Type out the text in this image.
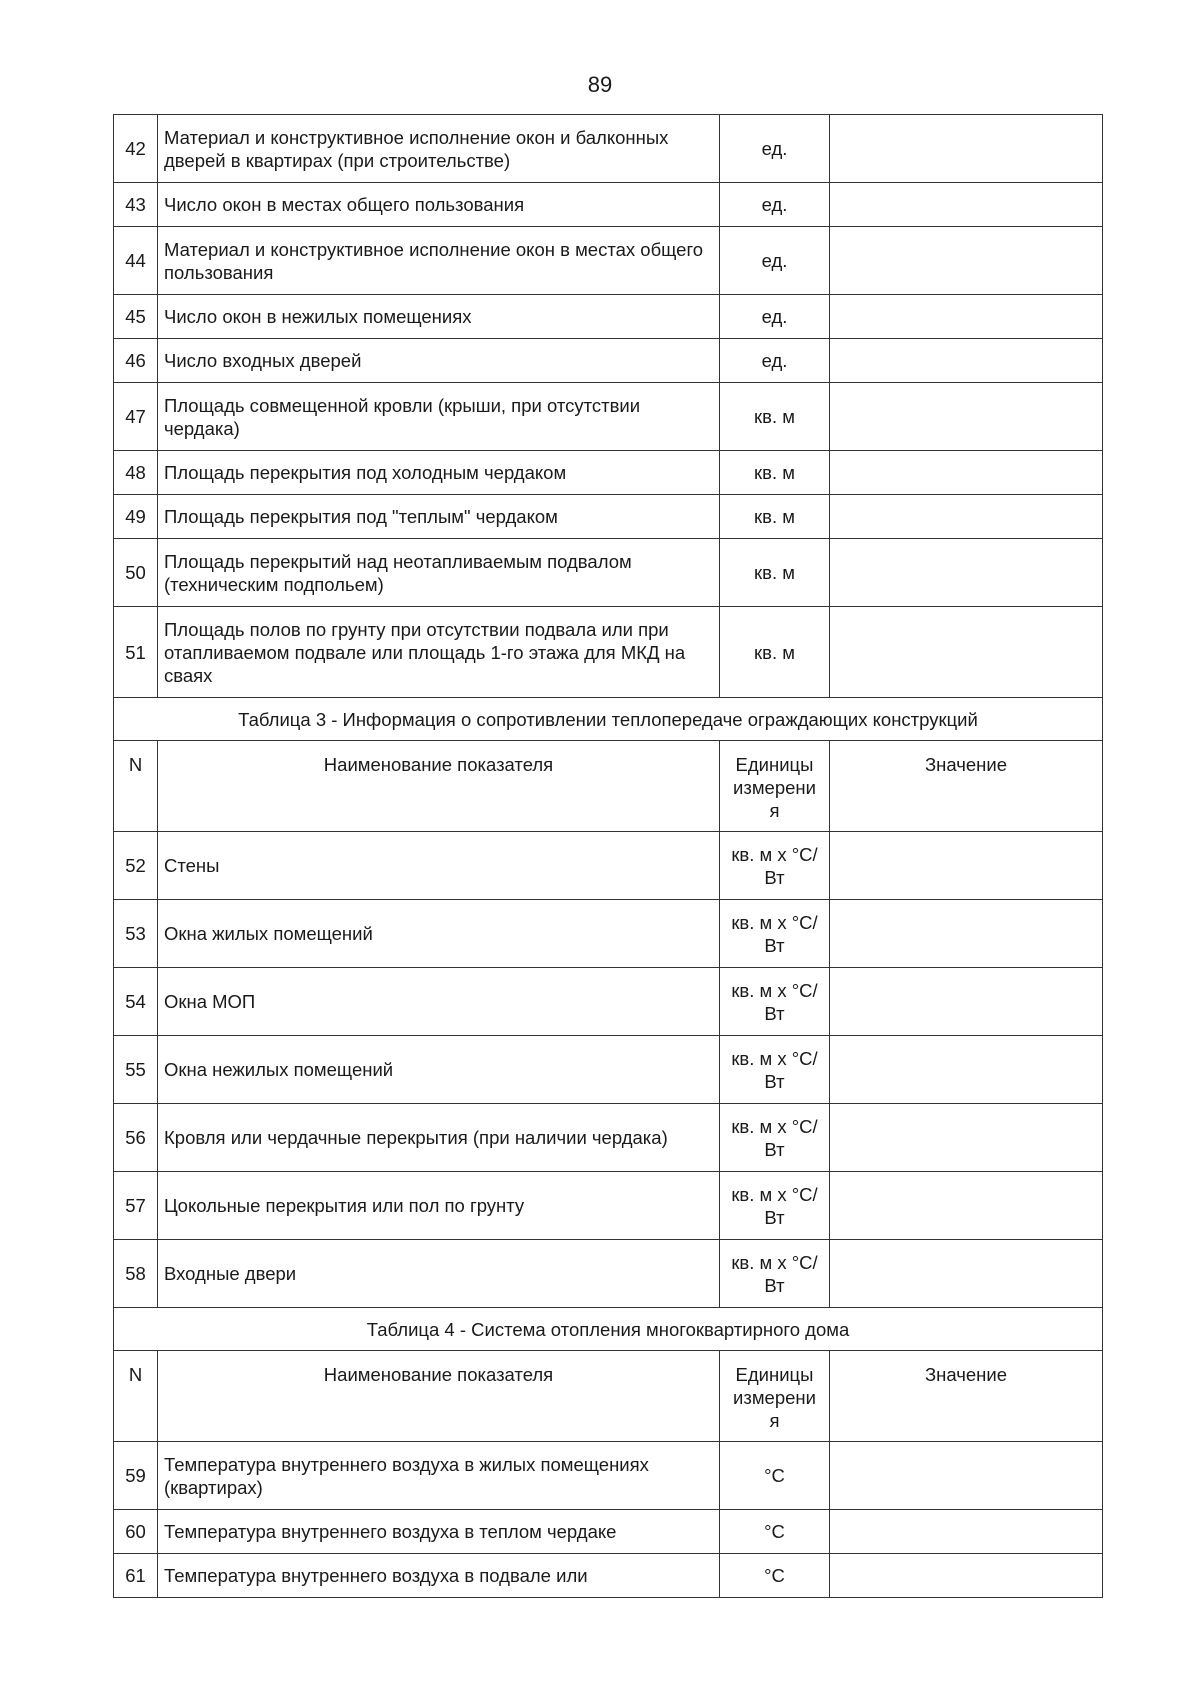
89
42	Материал и конструктивное исполнение окон и балконных дверей в квартирах (при строительстве)	ед.	
43	Число окон в местах общего пользования	ед.	
44	Материал и конструктивное исполнение окон в местах общего пользования	ед.	
45	Число окон в нежилых помещениях	ед.	
46	Число входных дверей	ед.	
47	Площадь совмещенной кровли (крыши, при отсутствии чердака)	кв. м	
48	Площадь перекрытия под холодным чердаком	кв. м	
49	Площадь перекрытия под "теплым" чердаком	кв. м	
50	Площадь перекрытий над неотапливаемым подвалом (техническим подпольем)	кв. м	
51	Площадь полов по грунту при отсутствии подвала или при отапливаемом подвале или площадь 1-го этажа для МКД на сваях	кв. м	
Таблица 3 - Информация о сопротивлении теплопередаче ограждающих конструкций			
N	Наименование показателя	Единицы измерени я	Значение
52	Стены	кв. м x °С/Вт	
53	Окна жилых помещений	кв. м x °С/Вт	
54	Окна МОП	кв. м x °С/Вт	
55	Окна нежилых помещений	кв. м x °С/Вт	
56	Кровля или чердачные перекрытия (при наличии чердака)	кв. м x °С/Вт	
57	Цокольные перекрытия или пол по грунту	кв. м x °С/Вт	
58	Входные двери	кв. м x °С/Вт	
Таблица 4 - Система отопления многоквартирного дома			
N	Наименование показателя	Единицы измерени я	Значение
59	Температура внутреннего воздуха в жилых помещениях (квартирах)	°С	
60	Температура внутреннего воздуха в теплом чердаке	°С	
61	Температура внутреннего воздуха в подвале или	°С	
